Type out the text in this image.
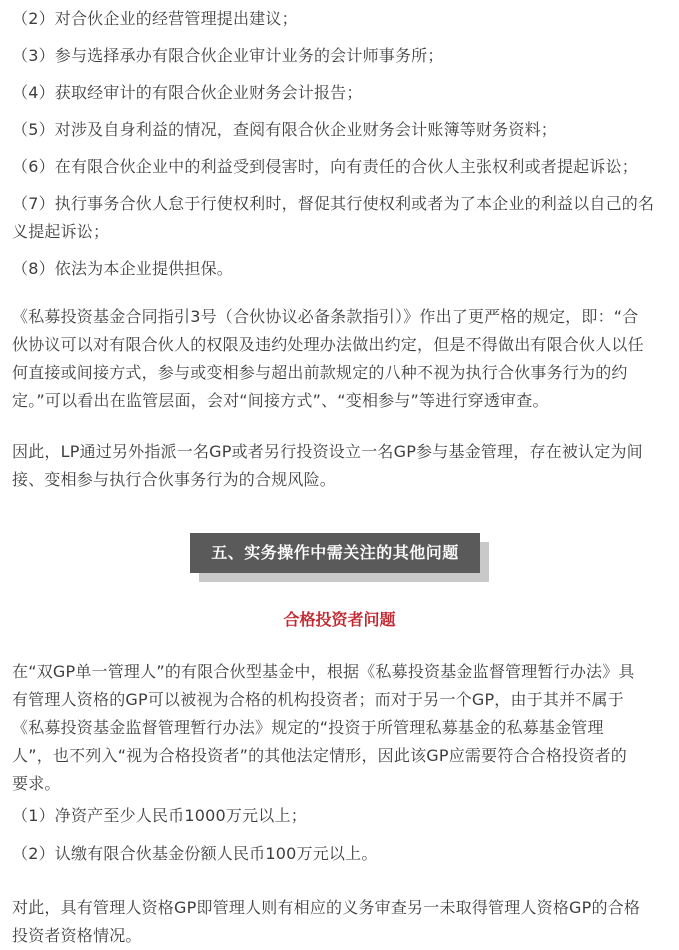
（2）对合伙企业的经营管理提出建议；

（3）参与选择承办有限合伙企业审计业务的会计师事务所；

（4）获取经审计的有限合伙企业财务会计报告；

（5）对涉及自身利益的情况，查阅有限合伙企业财务会计账簿等财务资料；

（6）在有限合伙企业中的利益受到侵害时，向有责任的合伙人主张权利或者提起诉讼；

（7）执行事务合伙人怠于行使权利时，督促其行使权利或者为了本企业的利益以自己的名
义提起诉讼；

（8）依法为本企业提供担保。

《私募投资基金合同指引3号（合伙协议必备条款指引）》作出了更严格的规定，即：“合
伙协议可以对有限合伙人的权限及违约处理办法做出约定，但是不得做出有限合伙人以任
何直接或间接方式，参与或变相参与超出前款规定的八种不视为执行合伙事务行为的约
定。”可以看出在监管层面，会对“间接方式”、“变相参与”等进行穿透审查。

因此，LP通过另外指派一名GP或者另行投资设立一名GP参与基金管理，存在被认定为间
接、变相参与执行合伙事务行为的合规风险。

五、实务操作中需关注的其他问题
合格投资者问题

在“双GP单一管理人”的有限合伙型基金中，根据《私募投资基金监督管理暂行办法》具
有管理人资格的GP可以被视为合格的机构投资者；而对于另一个GP，由于其并不属于
《私募投资基金监督管理暂行办法》规定的“投资于所管理私募基金的私募基金管理
人”，也不列入“视为合格投资者”的其他法定情形，因此该GP应需要符合合格投资者的
要求。

（1）净资产至少人民币1000万元以上；

（2）认缴有限合伙基金份额人民币100万元以上。

对此，具有管理人资格GP即管理人则有相应的义务审查另一未取得管理人资格GP的合格
投资者资格情况。
